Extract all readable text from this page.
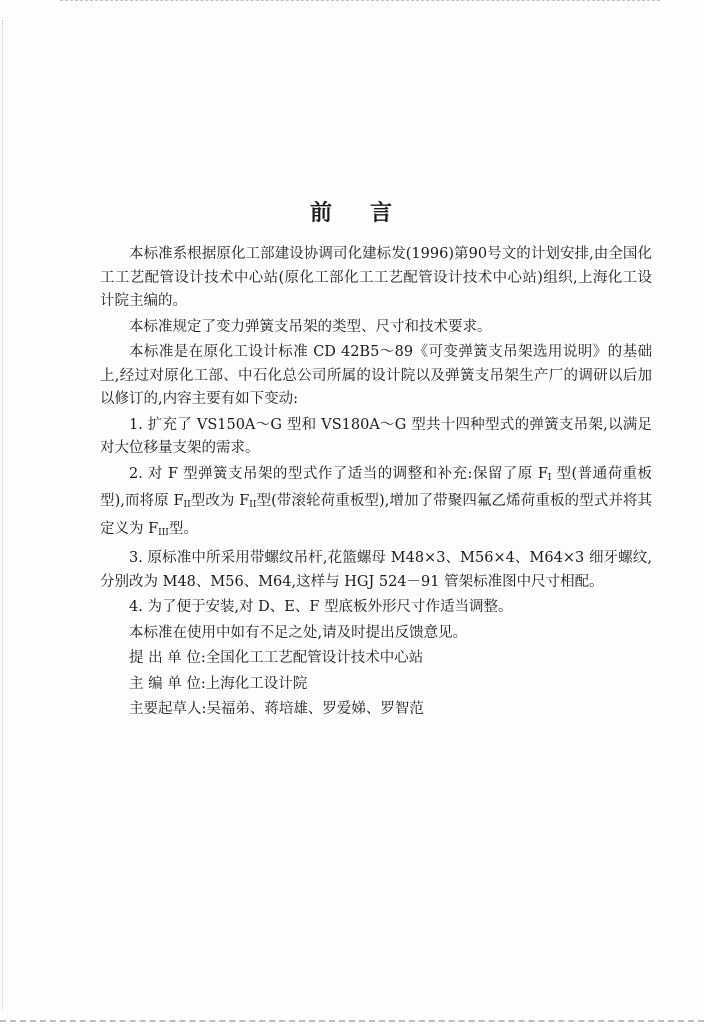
前 言

本标准系根据原化工部建设协调司化建标发(1996)第90号文的计划安排,由全国化工工艺配管设计技术中心站(原化工部化工工艺配管设计技术中心站)组织,上海化工设计院主编的。

本标准规定了变力弹簧支吊架的类型、尺寸和技术要求。

本标准是在原化工设计标准 CD 42B5～89《可变弹簧支吊架选用说明》的基础上,经过对原化工部、中石化总公司所属的设计院以及弹簧支吊架生产厂的调研以后加以修订的,内容主要有如下变动:

1. 扩充了 VS150A～G 型和 VS180A～G 型共十四种型式的弹簧支吊架,以满足对大位移量支架的需求。

2. 对 F 型弹簧支吊架的型式作了适当的调整和补充:保留了原 $F_I$ 型(普通荷重板型),而将原 $F_{II}$型改为 $F_{II}$型(带滚轮荷重板型),增加了带聚四氟乙烯荷重板的型式并将其定义为 $F_{III}$型。

3. 原标准中所采用带螺纹吊杆,花篮螺母 M48×3、M56×4、M64×3 细牙螺纹,分别改为 M48、M56、M64,这样与 HGJ 524－91 管架标准图中尺寸相配。

4. 为了便于安装,对 D、E、F 型底板外形尺寸作适当调整。

本标准在使用中如有不足之处,请及时提出反馈意见。

提 出 单 位:全国化工工艺配管设计技术中心站

主 编 单 位:上海化工设计院

主要起草人:吴福弟、蒋培雄、罗爱娣、罗智范
